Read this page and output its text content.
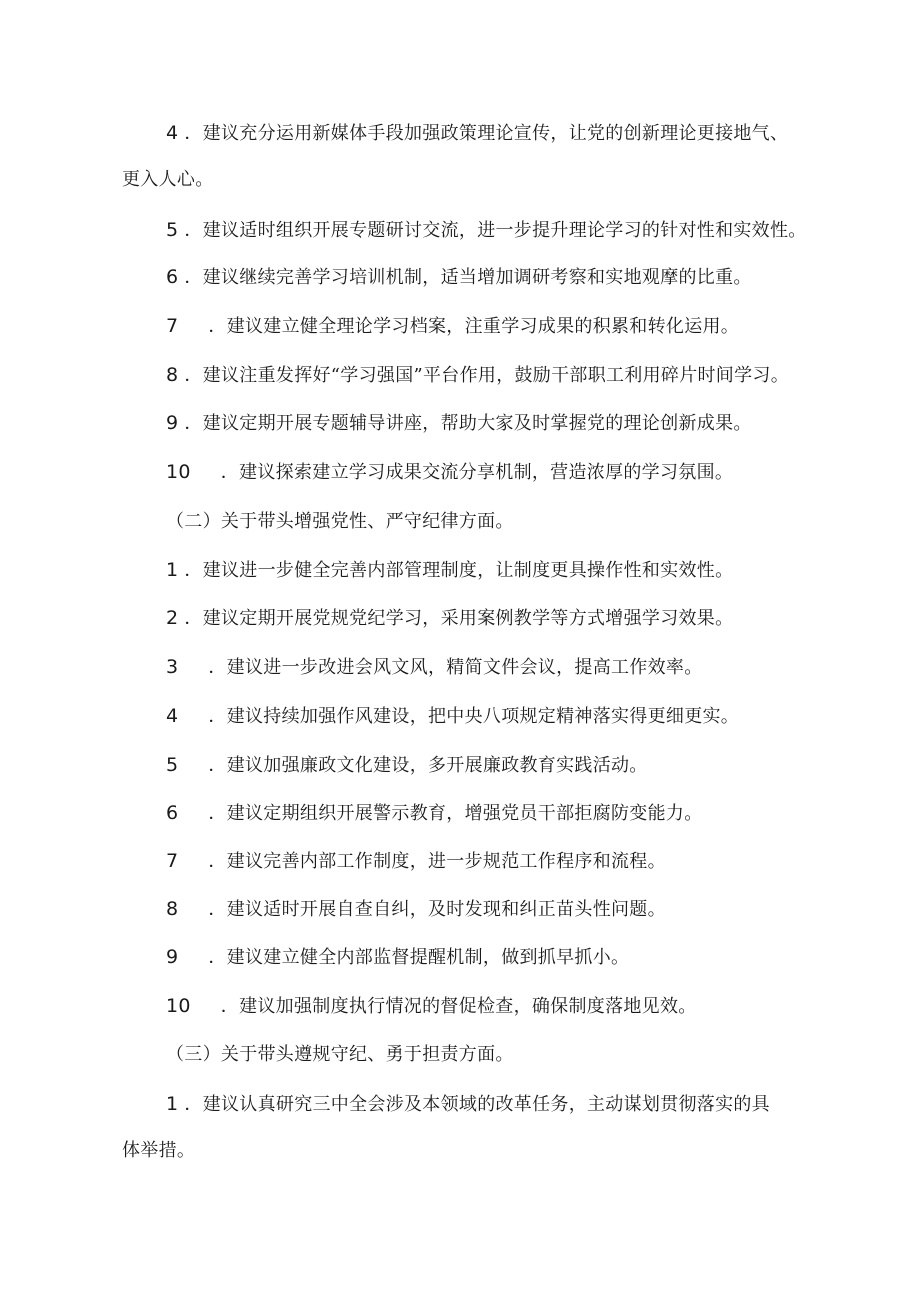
4 ．建议充分运用新媒体手段加强政策理论宣传，让党的创新理论更接地气、
更入人心。
5 ．建议适时组织开展专题研讨交流，进一步提升理论学习的针对性和实效性。
6 ．建议继续完善学习培训机制，适当增加调研考察和实地观摩的比重。
7 ．建议建立健全理论学习档案，注重学习成果的积累和转化运用。
8 ．建议注重发挥好“学习强国”平台作用，鼓励干部职工利用碎片时间学习。
9 ．建议定期开展专题辅导讲座，帮助大家及时掌握党的理论创新成果。
10 ．建议探索建立学习成果交流分享机制，营造浓厚的学习氛围。
（二）关于带头增强党性、严守纪律方面。
1 ．建议进一步健全完善内部管理制度，让制度更具操作性和实效性。
2 ．建议定期开展党规党纪学习，采用案例教学等方式增强学习效果。
3 ．建议进一步改进会风文风，精简文件会议，提高工作效率。
4 ．建议持续加强作风建设，把中央八项规定精神落实得更细更实。
5 ．建议加强廉政文化建设，多开展廉政教育实践活动。
6 ．建议定期组织开展警示教育，增强党员干部拒腐防变能力。
7 ．建议完善内部工作制度，进一步规范工作程序和流程。
8 ．建议适时开展自查自纠，及时发现和纠正苗头性问题。
9 ．建议建立健全内部监督提醒机制，做到抓早抓小。
10 ．建议加强制度执行情况的督促检查，确保制度落地见效。
（三）关于带头遵规守纪、勇于担责方面。
1 ．建议认真研究三中全会涉及本领域的改革任务，主动谋划贯彻落实的具
体举措。
